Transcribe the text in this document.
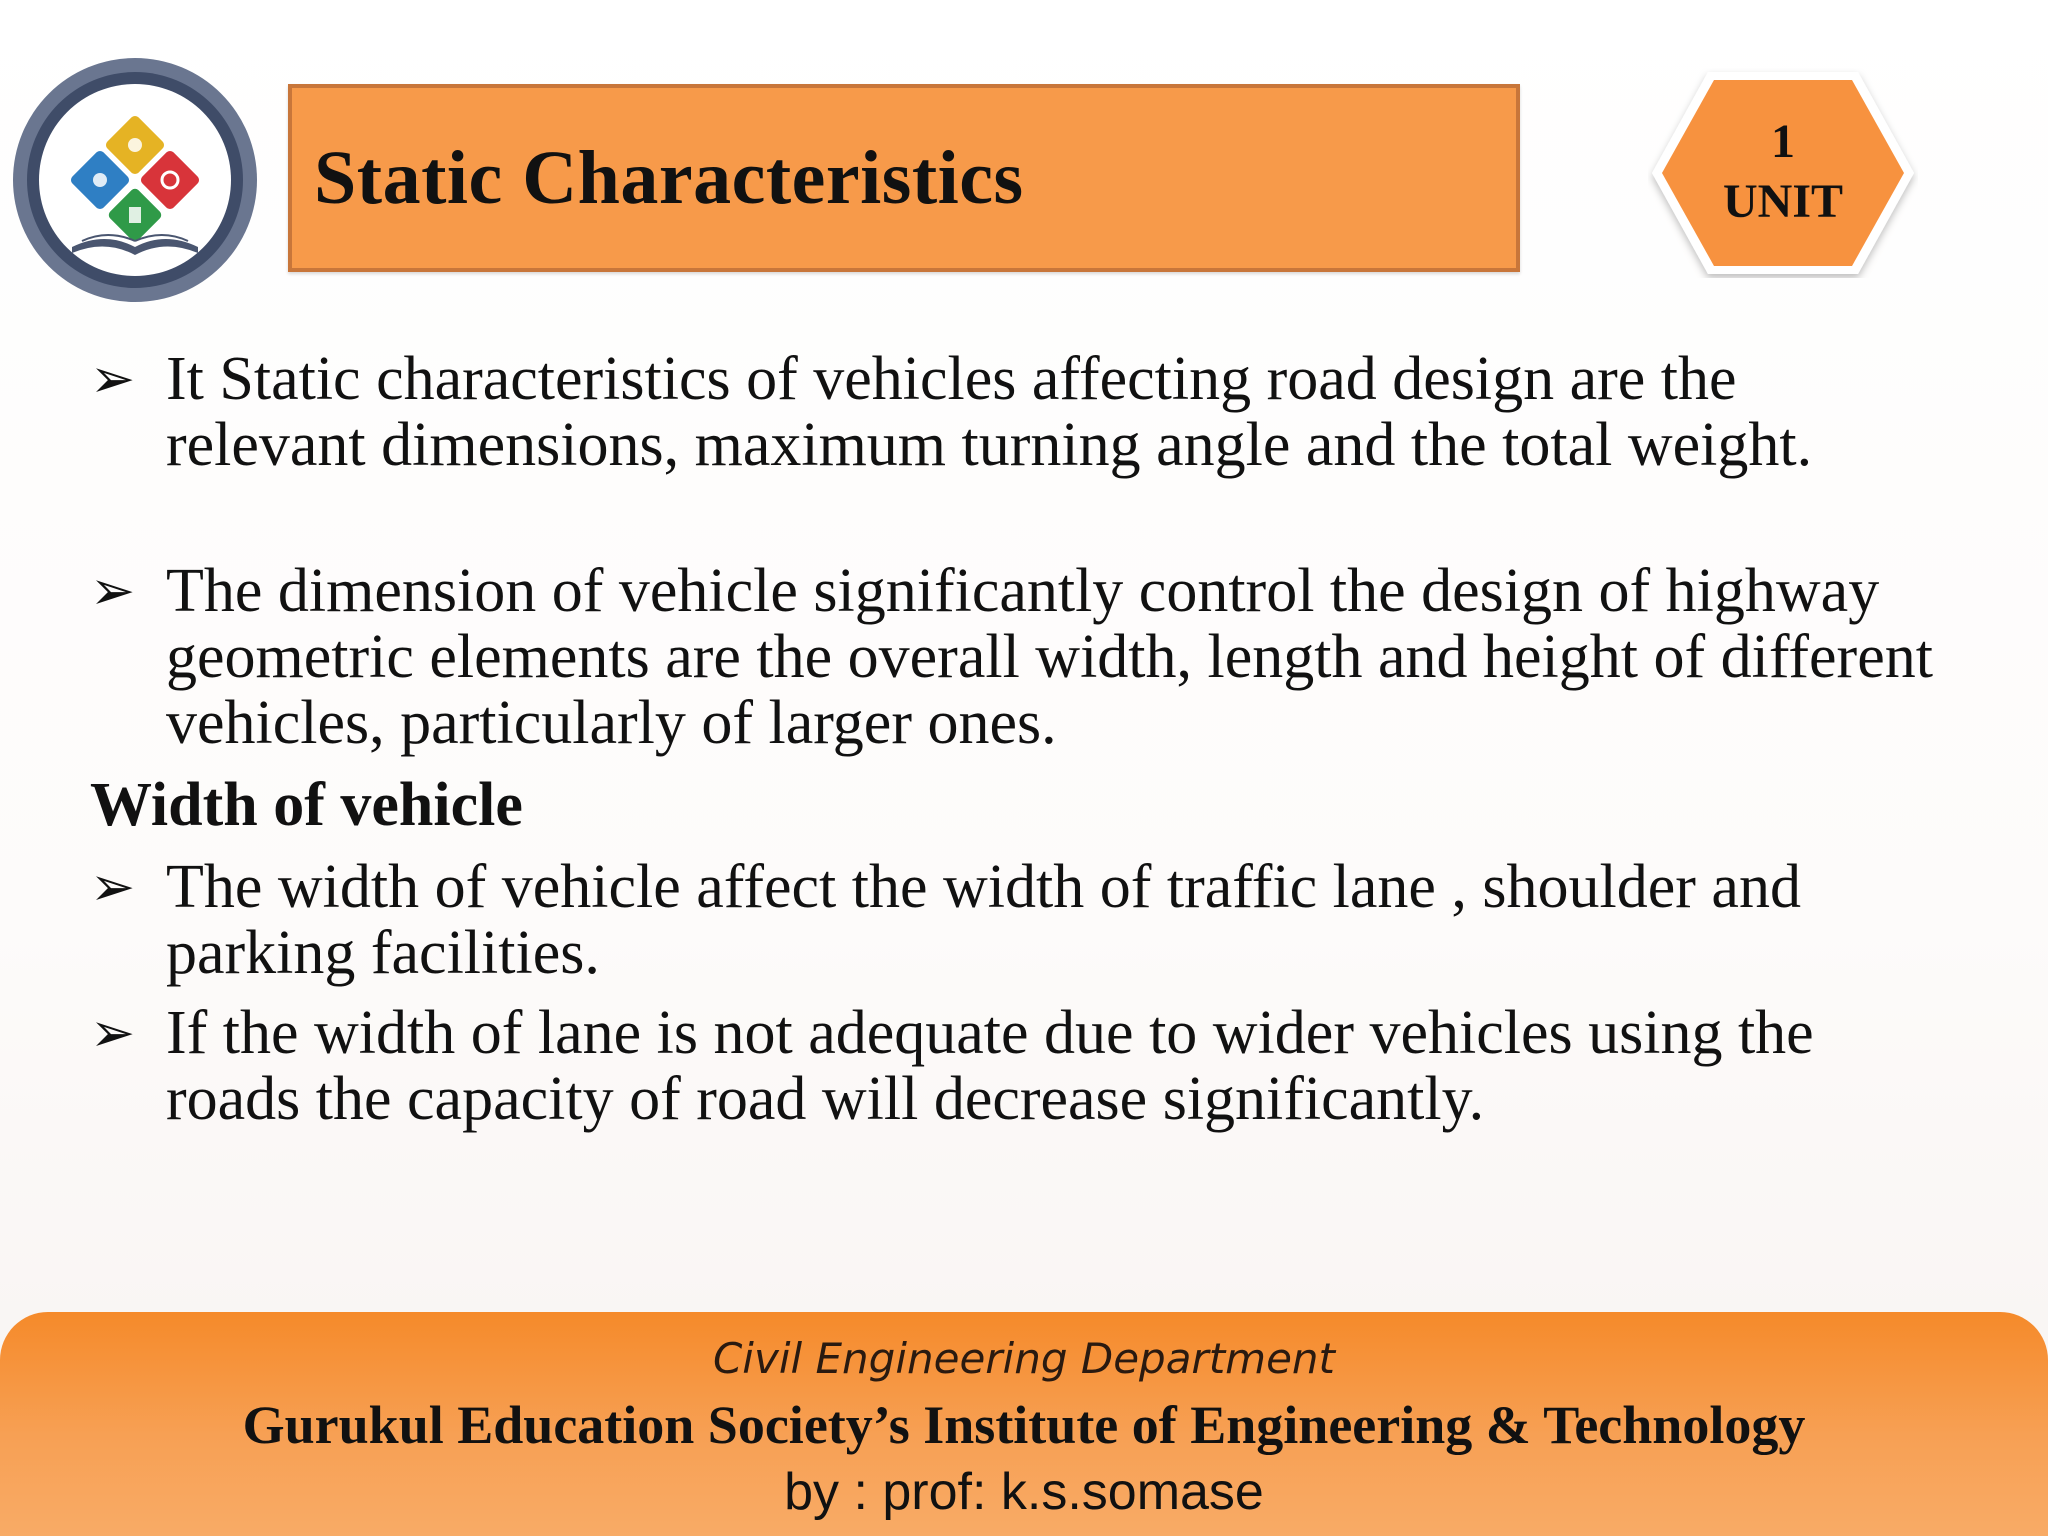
Static Characteristics	1
UNIT
➢ It Static characteristics of vehicles affecting road design are the relevant dimensions, maximum turning angle and the total weight.
➢ The dimension of vehicle significantly control the design of highway geometric elements are the overall width, length and height of different vehicles, particularly of larger ones.
Width of vehicle
➢ The width of vehicle affect the width of traffic lane , shoulder and parking facilities.
➢ If the width of lane is not adequate due to wider vehicles using the roads the capacity of road will decrease significantly.
Civil Engineering Department
Gurukul Education Society’s Institute of Engineering & Technology
by : prof: k.s.somase
